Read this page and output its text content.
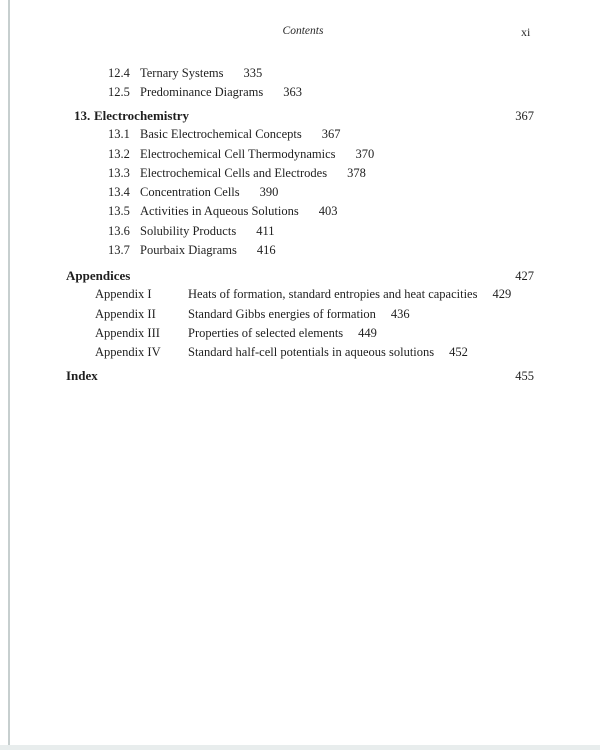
Contents	xi
12.4 Ternary Systems 335
12.5 Predominance Diagrams 363
13. Electrochemistry	367
13.1 Basic Electrochemical Concepts 367
13.2 Electrochemical Cell Thermodynamics 370
13.3 Electrochemical Cells and Electrodes 378
13.4 Concentration Cells 390
13.5 Activities in Aqueous Solutions 403
13.6 Solubility Products 411
13.7 Pourbaix Diagrams 416
Appendices	427
Appendix I	Heats of formation, standard entropies and heat capacities 429
Appendix II	Standard Gibbs energies of formation 436
Appendix III	Properties of selected elements 449
Appendix IV	Standard half-cell potentials in aqueous solutions 452
Index	455
